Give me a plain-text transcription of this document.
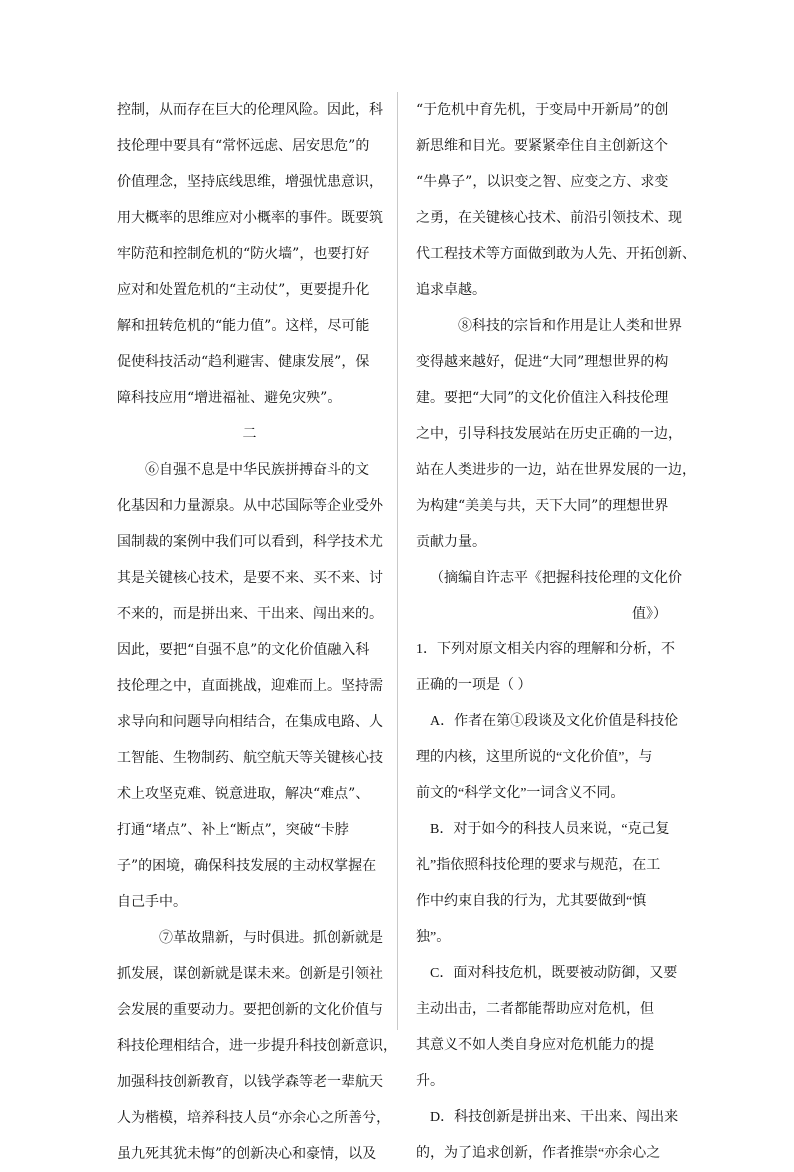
控制，从而存在巨大的伦理风险。因此，科
技伦理中要具有“常怀远虑、居安思危”的
价值理念，坚持底线思维，增强忧患意识，
用大概率的思维应对小概率的事件。既要筑
牢防范和控制危机的“防火墙”，也要打好
应对和处置危机的“主动仗”，更要提升化
解和扭转危机的“能力值”。这样，尽可能
促使科技活动“趋利避害、健康发展”，保
障科技应用“增进福祉、避免灾殃”。
二
⑥自强不息是中华民族拼搏奋斗的文
化基因和力量源泉。从中芯国际等企业受外
国制裁的案例中我们可以看到，科学技术尤
其是关键核心技术，是要不来、买不来、讨
不来的，而是拼出来、干出来、闯出来的。
因此，要把“自强不息”的文化价值融入科
技伦理之中，直面挑战，迎难而上。坚持需
求导向和问题导向相结合，在集成电路、人
工智能、生物制药、航空航天等关键核心技
术上攻坚克难、锐意进取，解决“难点”、
打通“堵点”、补上“断点”，突破“卡脖
子”的困境，确保科技发展的主动权掌握在
自己手中。
⑦革故鼎新，与时俱进。抓创新就是
抓发展，谋创新就是谋未来。创新是引领社
会发展的重要动力。要把创新的文化价值与
科技伦理相结合，进一步提升科技创新意识，
加强科技创新教育，以钱学森等老一辈航天
人为楷模，培养科技人员“亦余心之所善兮，
虽九死其犹未悔”的创新决心和豪情，以及
“于危机中育先机，于变局中开新局”的创
新思维和目光。要紧紧牵住自主创新这个
“牛鼻子”，以识变之智、应变之方、求变
之勇，在关键核心技术、前沿引领技术、现
代工程技术等方面做到敢为人先、开拓创新、
追求卓越。
⑧科技的宗旨和作用是让人类和世界
变得越来越好，促进“大同”理想世界的构
建。要把“大同”的文化价值注入科技伦理
之中，引导科技发展站在历史正确的一边，
站在人类进步的一边，站在世界发展的一边，
为构建“美美与共，天下大同”的理想世界
贡献力量。
（摘编自许志平《把握科技伦理的文化价
值》）
1．下列对原文相关内容的理解和分析，不
正确的一项是（ ）
A．作者在第①段谈及文化价值是科技伦
理的内核，这里所说的“文化价值”，与
前文的“科学文化”一词含义不同。
B．对于如今的科技人员来说，“克己复
礼”指依照科技伦理的要求与规范，在工
作中约束自我的行为，尤其要做到“慎
独”。
C．面对科技危机，既要被动防御，又要
主动出击，二者都能帮助应对危机，但
其意义不如人类自身应对危机能力的提
升。
D．科技创新是拼出来、干出来、闯出来
的，为了追求创新，作者推崇“亦余心之
